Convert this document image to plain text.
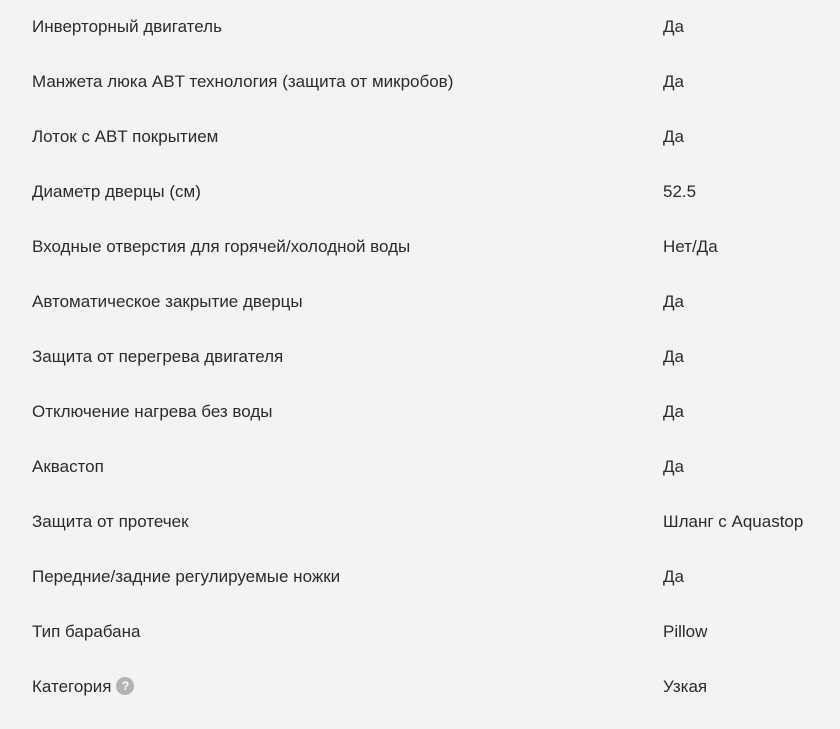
Инверторный двигатель	Да
Манжета люка ABT технология (защита от микробов)	Да
Лоток с ABT покрытием	Да
Диаметр дверцы (см)	52.5
Входные отверстия для горячей/холодной воды	Нет/Да
Автоматическое закрытие дверцы	Да
Защита от перегрева двигателя	Да
Отключение нагрева без воды	Да
Аквастоп	Да
Защита от протечек	Шланг с Aquastop
Передние/задние регулируемые ножки	Да
Тип барабана	Pillow
Категория ?	Узкая
